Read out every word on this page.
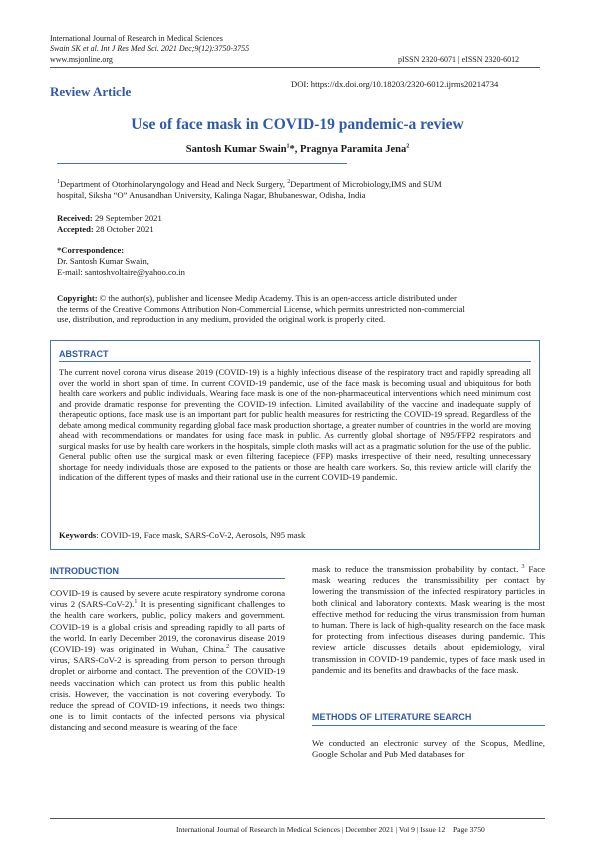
International Journal of Research in Medical Sciences
Swain SK et al. Int J Res Med Sci. 2021 Dec;9(12):3750-3755
www.msjonline.org	pISSN 2320-6071 | eISSN 2320-6012
Review Article	DOI: https://dx.doi.org/10.18203/2320-6012.ijrms20214734
Use of face mask in COVID-19 pandemic-a review
Santosh Kumar Swain$^1$*, Pragnya Paramita Jena$^2$
$^1$Department of Otorhinolaryngology and Head and Neck Surgery, $^2$Department of Microbiology,IMS and SUM
hospital, Siksha “O” Anusandhan University, Kalinga Nagar, Bhubaneswar, Odisha, India
Received: 29 September 2021
Accepted: 28 October 2021
*Correspondence:
Dr. Santosh Kumar Swain,
E-mail: santoshvoltaire@yahoo.co.in
Copyright: © the author(s), publisher and licensee Medip Academy. This is an open-access article distributed under
the terms of the Creative Commons Attribution Non-Commercial License, which permits unrestricted non-commercial
use, distribution, and reproduction in any medium, provided the original work is properly cited.
ABSTRACT
The current novel corona virus disease 2019 (COVID-19) is a highly infectious disease of the respiratory tract and rapidly spreading all over the world in short span of time. In current COVID-19 pandemic, use of the face mask is becoming usual and ubiquitous for both health care workers and public individuals. Wearing face mask is one of the non-pharmaceutical interventions which need minimum cost and provide dramatic response for preventing the COVID-19 infection. Limited availability of the vaccine and inadequate supply of therapeutic options, face mask use is an important part for public health measures for restricting the COVID-19 spread. Regardless of the debate among medical community regarding global face mask production shortage, a greater number of countries in the world are moving ahead with recommendations or mandates for using face mask in public. As currently global shortage of N95/FFP2 respirators and surgical masks for use by health care workers in the hospitals, simple cloth masks will act as a pragmatic solution for the use of the public. General public often use the surgical mask or even filtering facepiece (FFP) masks irrespective of their need, resulting unnecessary shortage for needy individuals those are exposed to the patients or those are health care workers. So, this review article will clarify the indication of the different types of masks and their rational use in the current COVID-19 pandemic.
Keywords: COVID-19, Face mask, SARS-CoV-2, Aerosols, N95 mask
INTRODUCTION
COVID-19 is caused by severe acute respiratory syndrome corona virus 2 (SARS-CoV-2).$^1$ It is presenting significant challenges to the health care workers, public, policy makers and government. COVID-19 is a global crisis and spreading rapidly to all parts of the world. In early December 2019, the coronavirus disease 2019 (COVID-19) was originated in Wuhan, China.$^2$ The causative virus, SARS-CoV-2 is spreading from person to person through droplet or airborne and contact. The prevention of the COVID-19 needs vaccination which can protect us from this public health crisis. However, the vaccination is not covering everybody. To reduce the spread of COVID-19 infections, it needs two things: one is to limit contacts of the infected persons via physical distancing and second measure is wearing of the face
mask to reduce the transmission probability by contact. $^3$ Face mask wearing reduces the transmissibility per contact by lowering the transmission of the infected respiratory particles in both clinical and laboratory contexts. Mask wearing is the most effective method for reducing the virus transmission from human to human. There is lack of high-quality research on the face mask for protecting from infectious diseases during pandemic. This review article discusses details about epidemiology, viral transmission in COVID-19 pandemic, types of face mask used in pandemic and its benefits and drawbacks of the face mask.
METHODS OF LITERATURE SEARCH
We conducted an electronic survey of the Scopus, Medline, Google Scholar and Pub Med databases for
International Journal of Research in Medical Sciences | December 2021 | Vol 9 | Issue 12    Page 3750
